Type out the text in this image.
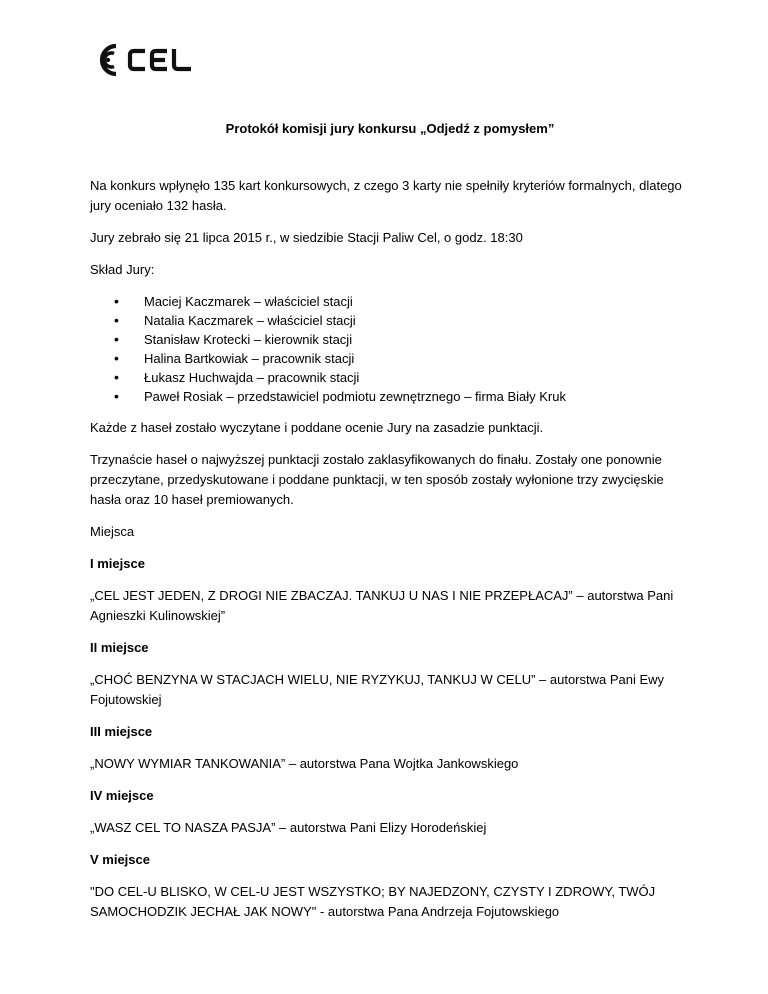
Protokół komisji jury konkursu „Odjedź z pomysłem”

Na konkurs wpłynęło 135 kart konkursowych, z czego 3 karty nie spełniły kryteriów formalnych, dlatego jury oceniało 132 hasła.

Jury zebrało się 21 lipca 2015 r., w siedzibie Stacji Paliw Cel, o godz. 18:30

Skład Jury:

• Maciej Kaczmarek – właściciel stacji
• Natalia Kaczmarek – właściciel stacji
• Stanisław Krotecki – kierownik stacji
• Halina Bartkowiak – pracownik stacji
• Łukasz Huchwajda – pracownik stacji
• Paweł Rosiak – przedstawiciel podmiotu zewnętrznego – firma Biały Kruk

Każde z haseł zostało wyczytane i poddane ocenie Jury na zasadzie punktacji.

Trzynaście haseł o najwyższej punktacji zostało zaklasyfikowanych do finału. Zostały one ponownie przeczytane, przedyskutowane i poddane punktacji, w ten sposób zostały wyłonione trzy zwycięskie hasła oraz 10 haseł premiowanych.

Miejsca

I miejsce

„CEL JEST JEDEN, Z DROGI NIE ZBACZAJ. TANKUJ U NAS I NIE PRZEPŁACAJ” – autorstwa Pani Agnieszki Kulinowskiej”

II miejsce

„CHOĆ BENZYNA W STACJACH WIELU, NIE RYZYKUJ, TANKUJ W CELU” – autorstwa Pani Ewy Fojutowskiej

III miejsce

„NOWY WYMIAR TANKOWANIA” – autorstwa Pana Wojtka Jankowskiego

IV miejsce

„WASZ CEL TO NASZA PASJA” – autorstwa Pani Elizy Horodeńskiej

V miejsce

"DO CEL-U BLISKO, W CEL-U JEST WSZYSTKO; BY NAJEDZONY, CZYSTY I ZDROWY, TWÓJ SAMOCHODZIK JECHAŁ JAK NOWY" - autorstwa Pana Andrzeja Fojutowskiego
